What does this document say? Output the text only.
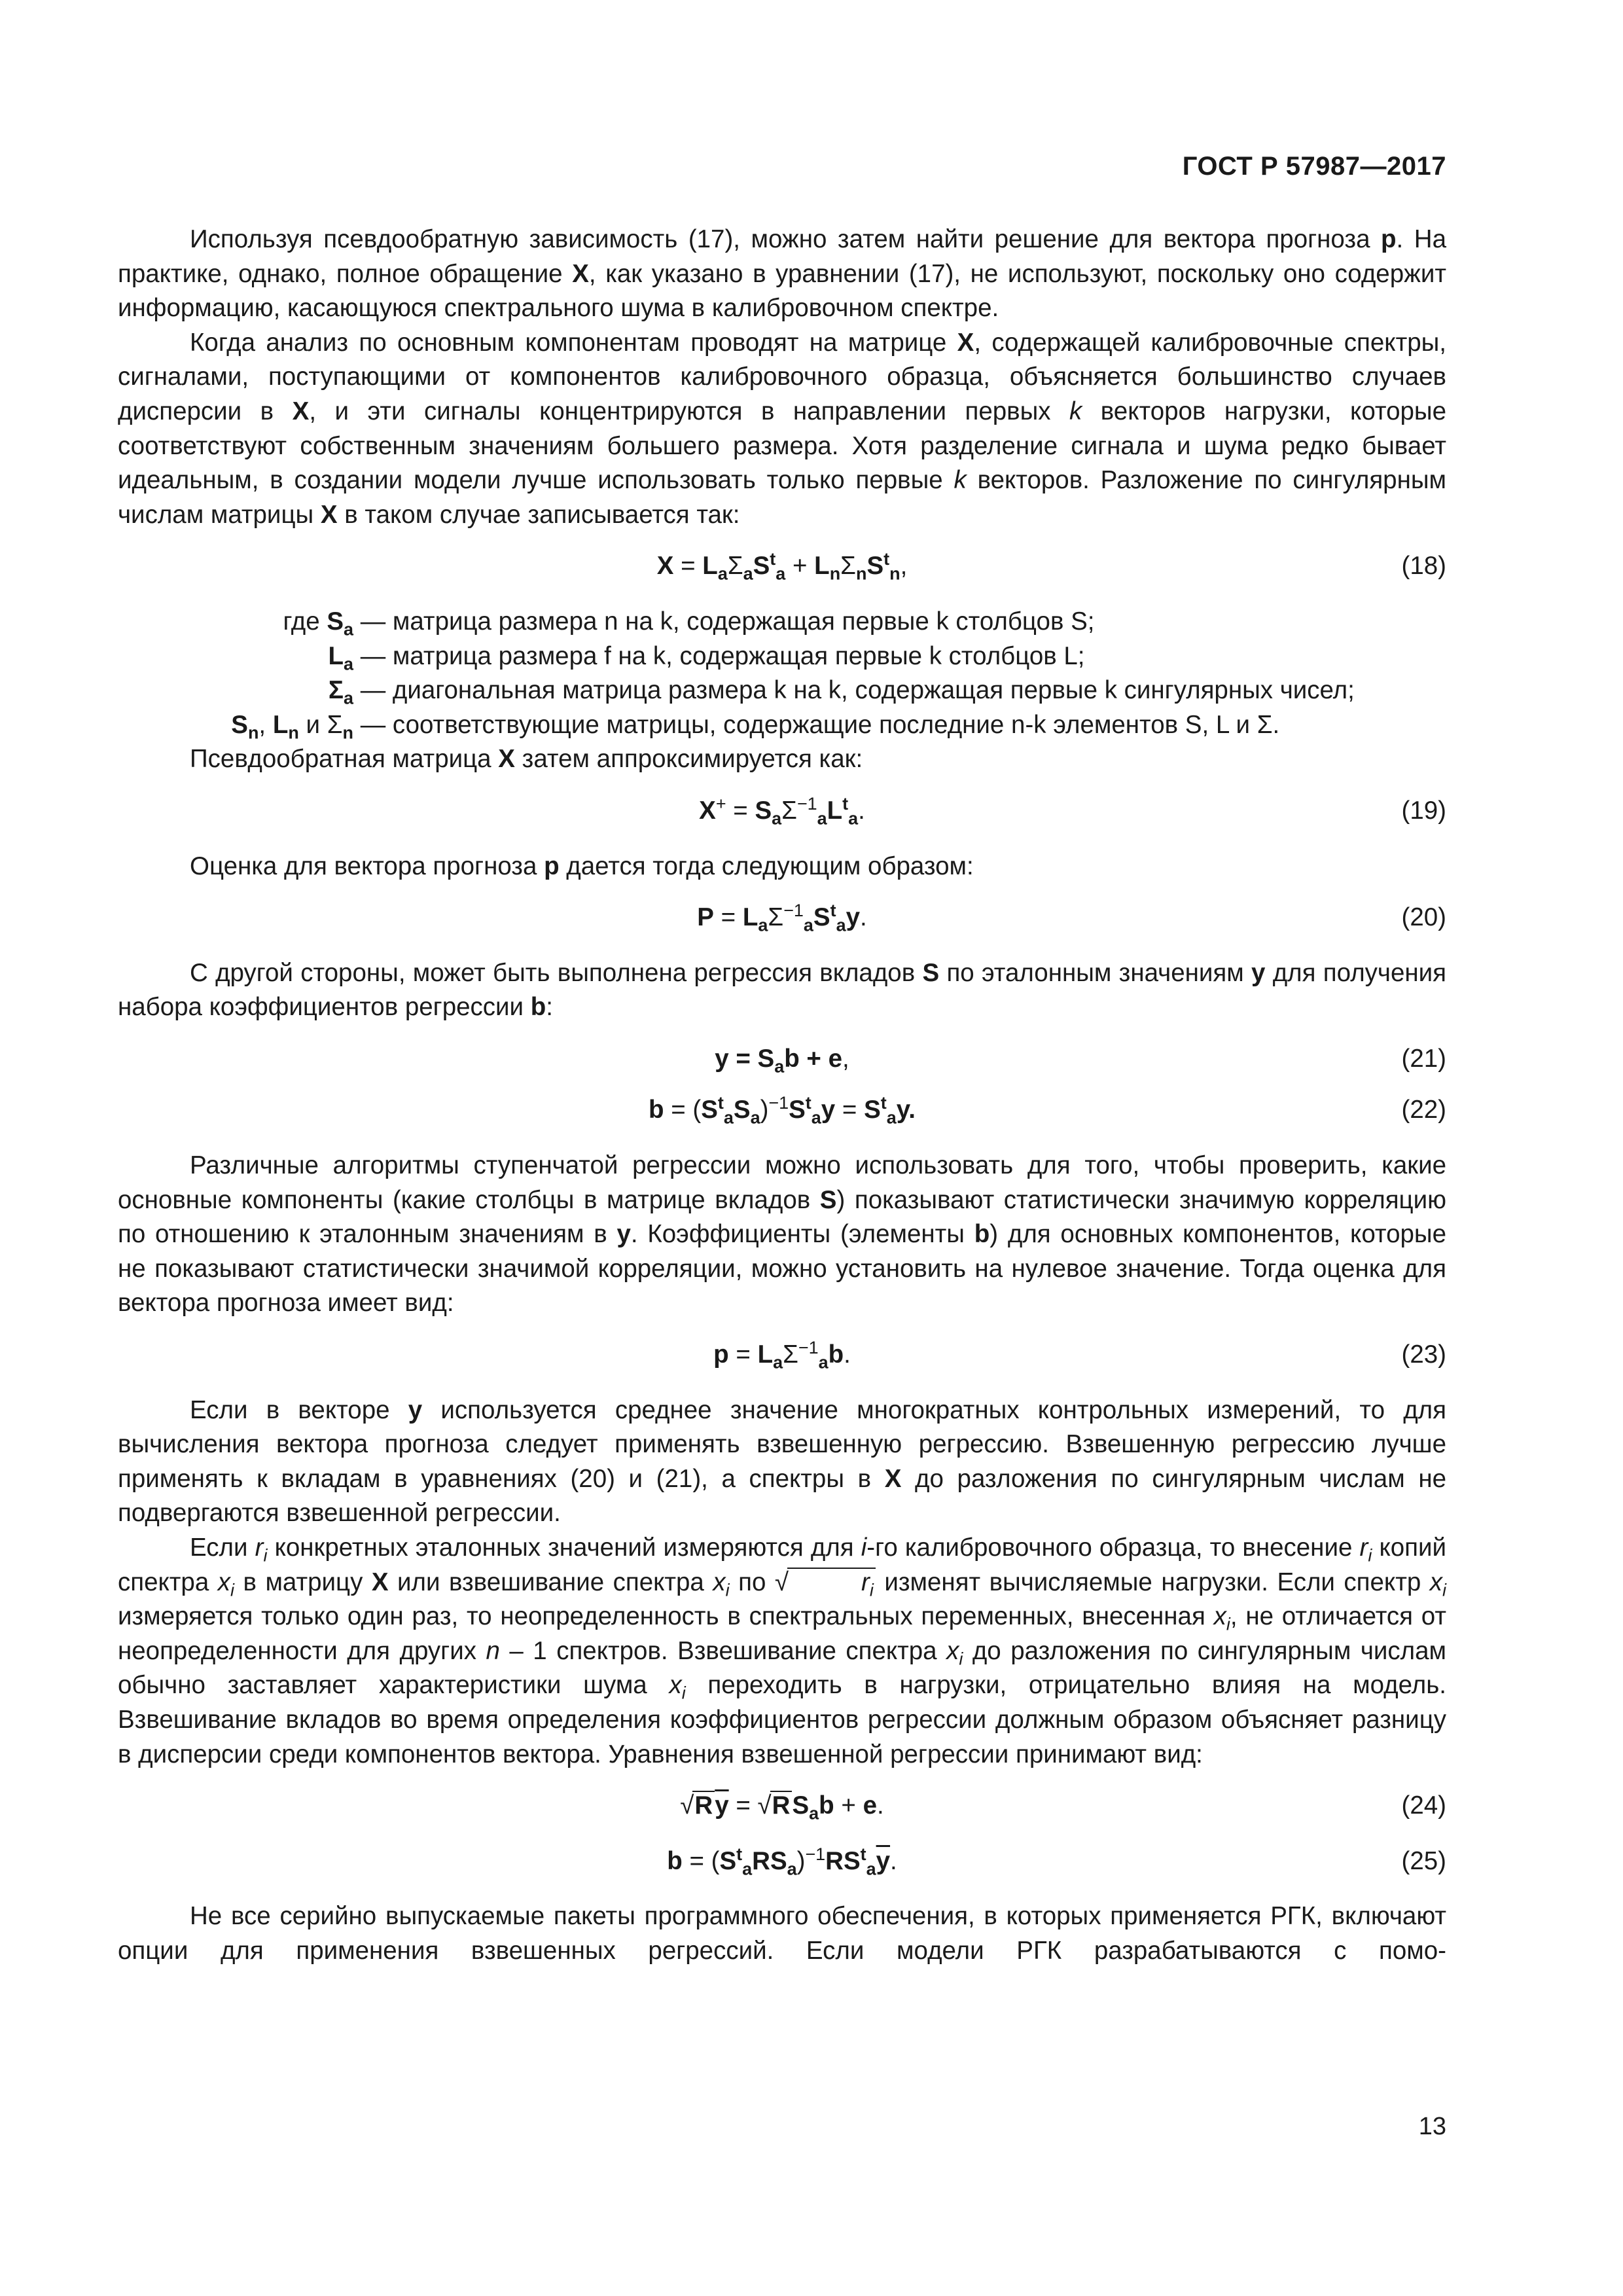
ГОСТ Р 57987—2017

Используя псевдообратную зависимость (17), можно затем найти решение для вектора прогноза p. На практике, однако, полное обращение X, как указано в уравнении (17), не используют, поскольку оно содержит информацию, касающуюся спектрального шума в калибровочном спектре.

Когда анализ по основным компонентам проводят на матрице X, содержащей калибровочные спектры, сигналами, поступающими от компонентов калибровочного образца, объясняется большинство случаев дисперсии в X, и эти сигналы концентрируются в направлении первых k векторов нагрузки, которые соответствуют собственным значениям большего размера. Хотя разделение сигнала и шума редко бывает идеальным, в создании модели лучше использовать только первые k векторов. Разложение по сингулярным числам матрицы X в таком случае записывается так:

$X = L_a\Sigma_aS^t_a + L_n\Sigma_nS^t_n$,	(18)
где $S_a$ — матрица размера n на k, содержащая первые k столбцов S;
$L_a$ — матрица размера f на k, содержащая первые k столбцов L;
$\Sigma_a$ — диагональная матрица размера k на k, содержащая первые k сингулярных чисел;
$S_n$, $L_n$ и $\Sigma_n$ — соответствующие матрицы, содержащие последние n-k элементов S, L и Σ.

Псевдообратная матрица X затем аппроксимируется как:

$X^+ = S_a\Sigma^{-1}_aL^t_a$.	(19)

Оценка для вектора прогноза p дается тогда следующим образом:

$P = L_a\Sigma^{-1}_aS^t_ay$.	(20)

С другой стороны, может быть выполнена регрессия вкладов S по эталонным значениям y для получения набора коэффициентов регрессии b:

$y = S_ab + e$,	(21)
$b = (S^t_aS_a)^{-1}S^t_ay = S^t_ay$.	(22)

Различные алгоритмы ступенчатой регрессии можно использовать для того, чтобы проверить, какие основные компоненты (какие столбцы в матрице вкладов S) показывают статистически значимую корреляцию по отношению к эталонным значениям в y. Коэффициенты (элементы b) для основных компонентов, которые не показывают статистически значимой корреляции, можно установить на нулевое значение. Тогда оценка для вектора прогноза имеет вид:

$p = L_a\Sigma^{-1}_ab$.	(23)

Если в векторе y используется среднее значение многократных контрольных измерений, то для вычисления вектора прогноза следует применять взвешенную регрессию. Взвешенную регрессию лучше применять к вкладам в уравнениях (20) и (21), а спектры в X до разложения по сингулярным числам не подвергаются взвешенной регрессии.

Если $r_i$ конкретных эталонных значений измеряются для i-го калибровочного образца, то внесение $r_i$ копий спектра $x_i$ в матрицу X или взвешивание спектра $x_i$ по √	$r_i$ изменят вычисляемые нагрузки. Если спектр $x_i$ измеряется только один раз, то неопределенность в спектральных переменных, внесенная $x_i$, не отличается от неопределенности для других n – 1 спектров. Взвешивание спектра $x_i$ до разложения по сингулярным числам обычно заставляет характеристики шума $x_i$ переходить в нагрузки, отрицательно влияя на модель. Взвешивание вкладов во время определения коэффициентов регрессии должным образом объясняет разницу в дисперсии среди компонентов вектора. Уравнения взвешенной регрессии принимают вид:

$√R\overline{y} = √RS_ab + e$.	(24)
$b = (S^t_aRS_a)^{-1}RS^t_a\overline{y}$.	(25)

Не все серийно выпускаемые пакеты программного обеспечения, в которых применяется РГК, включают опции для применения взвешенных регрессий. Если модели РГК разрабатываются с помо-

13
